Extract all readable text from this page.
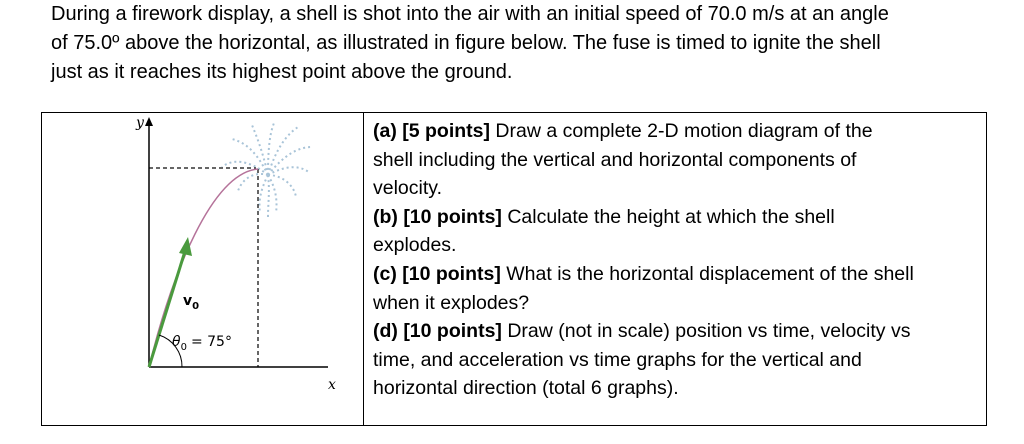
During a firework display, a shell is shot into the air with an initial speed of 70.0 m/s at an angle
of 75.0º above the horizontal, as illustrated in figure below. The fuse is timed to ignite the shell
just as it reaches its highest point above the ground.
y
x
$v_0$
$\theta_0 = 75^\circ$

(a) [5 points] Draw a complete 2-D motion diagram of the
shell including the vertical and horizontal components of
velocity.

(b) [10 points] Calculate the height at which the shell
explodes.

(c) [10 points] What is the horizontal displacement of the shell
when it explodes?

(d) [10 points] Draw (not in scale) position vs time, velocity vs
time, and acceleration vs time graphs for the vertical and
horizontal direction (total 6 graphs).
